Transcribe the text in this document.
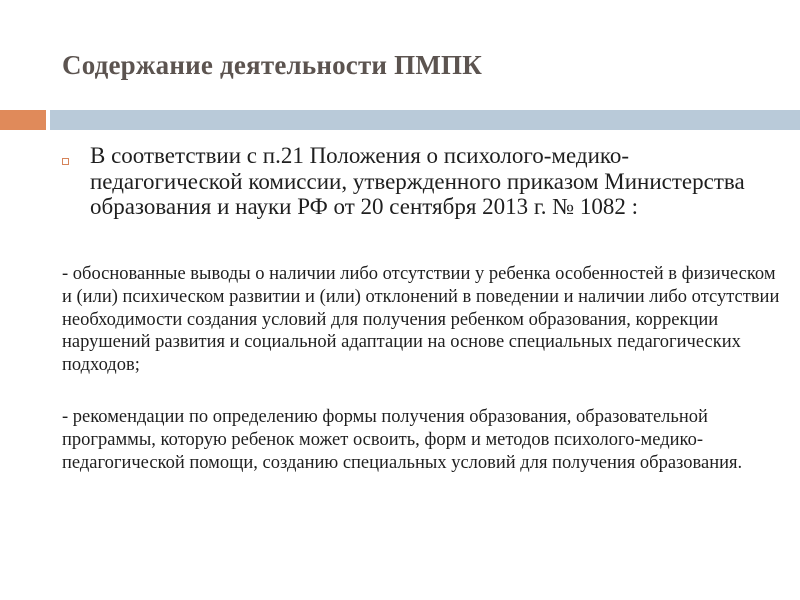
Содержание деятельности ПМПК
В соответствии с п.21 Положения о психолого-медико-педагогической комиссии, утвержденного приказом Министерства образования и науки РФ от 20 сентября 2013 г. № 1082 :
- обоснованные выводы о наличии либо отсутствии у ребенка особенностей в физическом и (или) психическом развитии и (или) отклонений в поведении и наличии либо отсутствии необходимости создания условий для получения ребенком образования, коррекции нарушений развития и социальной адаптации на основе специальных педагогических подходов;
- рекомендации по определению формы получения образования, образовательной программы, которую ребенок может освоить, форм и методов психолого-медико-педагогической помощи, созданию специальных условий для получения образования.
